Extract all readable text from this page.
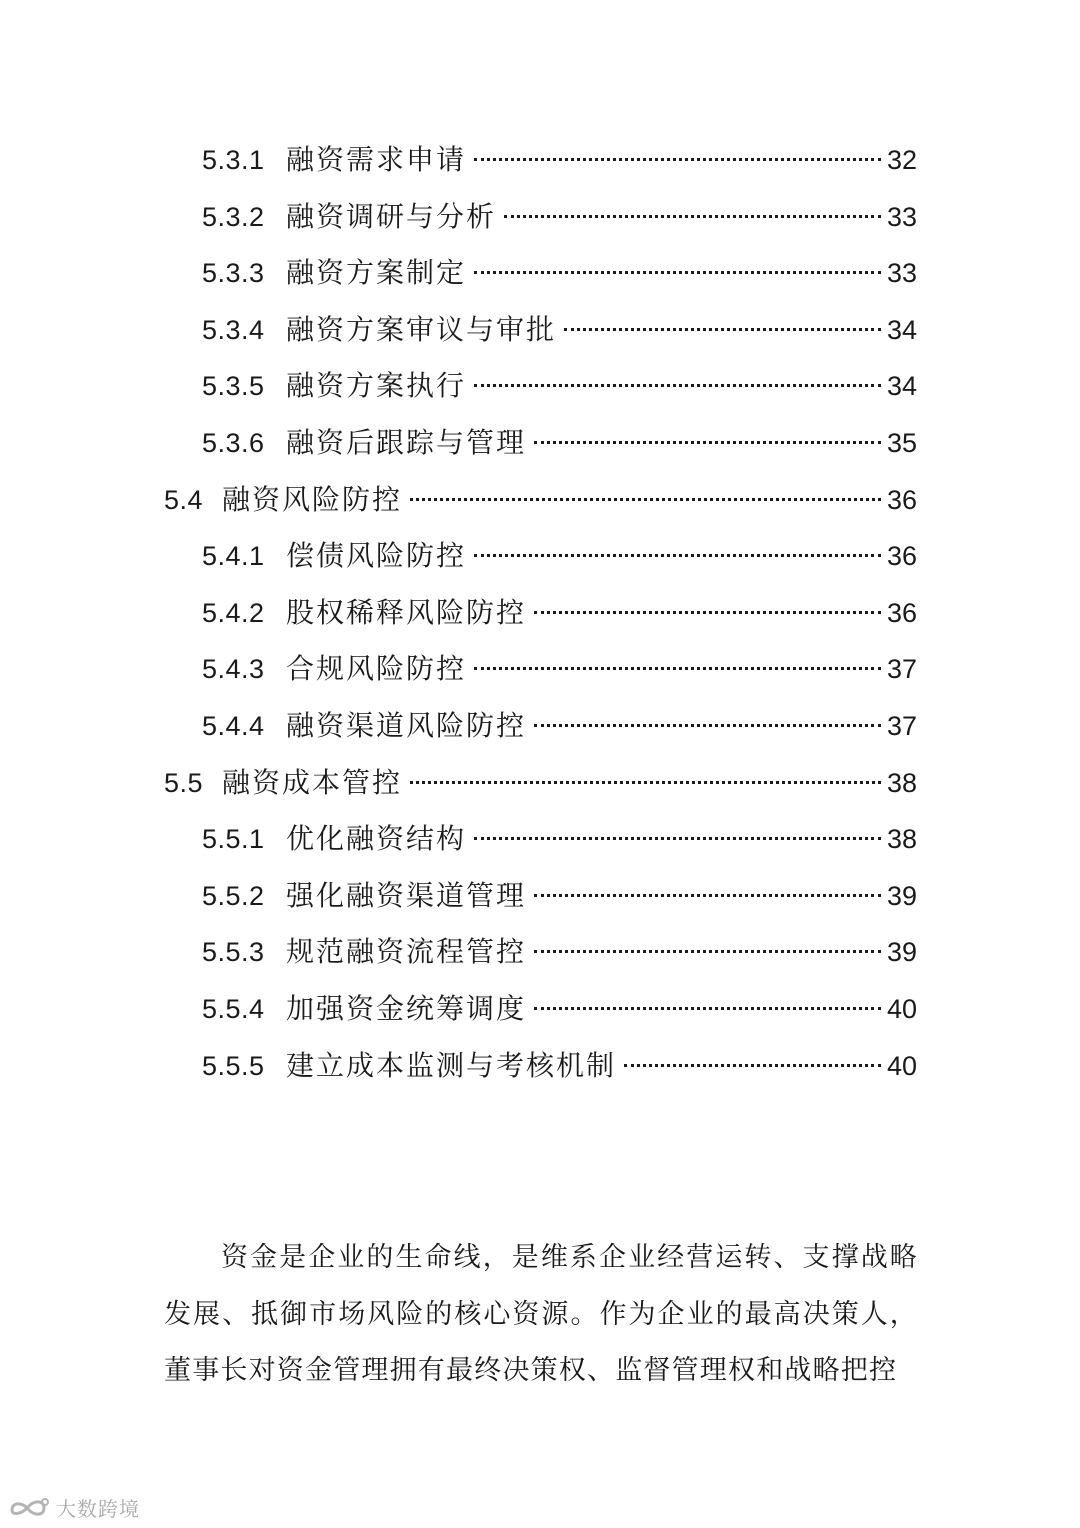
5.3.1 融资需求申请	32
5.3.2 融资调研与分析	33
5.3.3 融资方案制定	33
5.3.4 融资方案审议与审批	34
5.3.5 融资方案执行	34
5.3.6 融资后跟踪与管理	35
5.4 融资风险防控	36
5.4.1 偿债风险防控	36
5.4.2 股权稀释风险防控	36
5.4.3 合规风险防控	37
5.4.4 融资渠道风险防控	37
5.5 融资成本管控	38
5.5.1 优化融资结构	38
5.5.2 强化融资渠道管理	39
5.5.3 规范融资流程管控	39
5.5.4 加强资金统筹调度	40
5.5.5 建立成本监测与考核机制	40

资金是企业的生命线，是维系企业经营运转、支撑战略发展、抵御市场风险的核心资源。作为企业的最高决策人，董事长对资金管理拥有最终决策权、监督管理权和战略把控

大数跨境
